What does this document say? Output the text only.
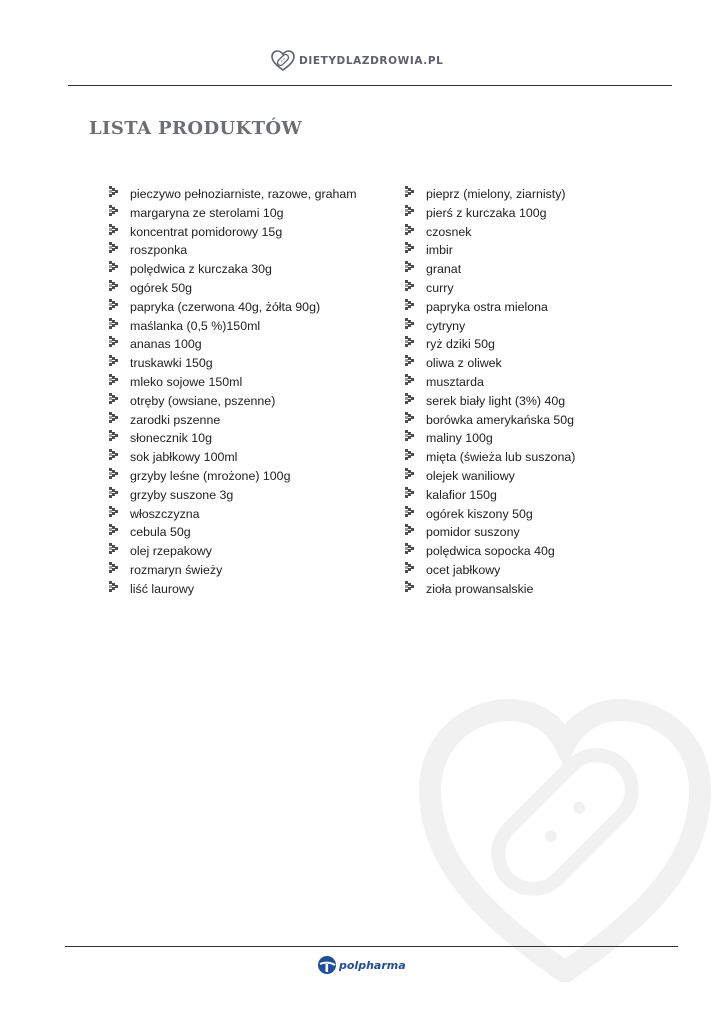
DIETYDLAZDROWIA.PL
LISTA PRODUKTÓW
pieczywo pełnoziarniste, razowe, graham
margaryna ze sterolami 10g
koncentrat pomidorowy 15g
roszponka
polędwica z kurczaka 30g
ogórek 50g
papryka (czerwona 40g, żółta 90g)
maślanka (0,5 %)150ml
ananas 100g
truskawki 150g
mleko sojowe 150ml
otręby (owsiane, pszenne)
zarodki pszenne
słonecznik 10g
sok jabłkowy 100ml
grzyby leśne (mrożone) 100g
grzyby suszone 3g
włoszczyzna
cebula 50g
olej rzepakowy
rozmaryn świeży
liść laurowy
pieprz (mielony, ziarnisty)
pierś z kurczaka 100g
czosnek
imbir
granat
curry
papryka ostra mielona
cytryny
ryż dziki 50g
oliwa z oliwek
musztarda
serek biały light (3%) 40g
borówka amerykańska 50g
maliny 100g
mięta (świeża lub suszona)
olejek waniliowy
kalafior 150g
ogórek kiszony 50g
pomidor suszony
polędwica sopocka 40g
ocet jabłkowy
zioła prowansalskie
polpharma
